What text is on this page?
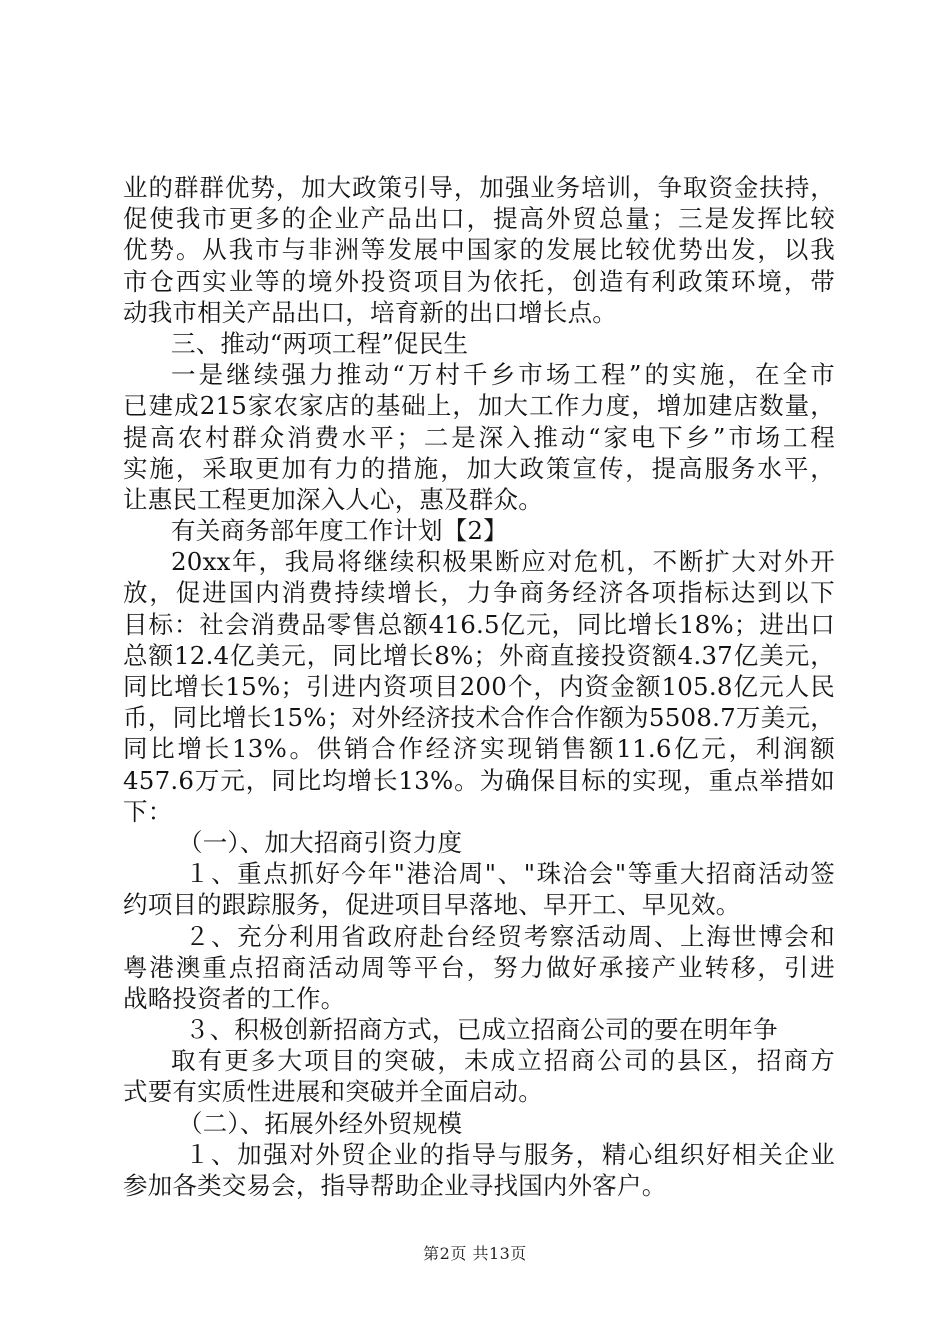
业的群群优势，加大政策引导，加强业务培训，争取资金扶持，
促使我市更多的企业产品出口，提高外贸总量；三是发挥比较
优势。从我市与非洲等发展中国家的发展比较优势出发，以我
市仓西实业等的境外投资项目为依托，创造有利政策环境，带
动我市相关产品出口，培育新的出口增长点。
三、推动“两项工程”促民生
一是继续强力推动“万村千乡市场工程”的实施，在全市
已建成215家农家店的基础上，加大工作力度，增加建店数量，
提高农村群众消费水平；二是深入推动“家电下乡”市场工程
实施，采取更加有力的措施，加大政策宣传，提高服务水平，
让惠民工程更加深入人心，惠及群众。
有关商务部年度工作计划【2】
20xx年，我局将继续积极果断应对危机，不断扩大对外开
放，促进国内消费持续增长，力争商务经济各项指标达到以下
目标：社会消费品零售总额416.5亿元，同比增长18%；进出口
总额12.4亿美元，同比增长8%；外商直接投资额4.37亿美元，
同比增长15%；引进内资项目200个，内资金额105.8亿元人民
币，同比增长15%；对外经济技术合作合作额为5508.7万美元，
同比增长13%。供销合作经济实现销售额11.6亿元，利润额
457.6万元，同比均增长13%。为确保目标的实现，重点举措如
下：
（一）、加大招商引资力度
１、重点抓好今年"港洽周"、"珠洽会"等重大招商活动签
约项目的跟踪服务，促进项目早落地、早开工、早见效。
２、充分利用省政府赴台经贸考察活动周、上海世博会和
粤港澳重点招商活动周等平台，努力做好承接产业转移，引进
战略投资者的工作。
３、积极创新招商方式，已成立招商公司的要在明年争
取有更多大项目的突破，未成立招商公司的县区，招商方
式要有实质性进展和突破并全面启动。
（二）、拓展外经外贸规模
１、加强对外贸企业的指导与服务，精心组织好相关企业
参加各类交易会，指导帮助企业寻找国内外客户。
第2页 共13页
